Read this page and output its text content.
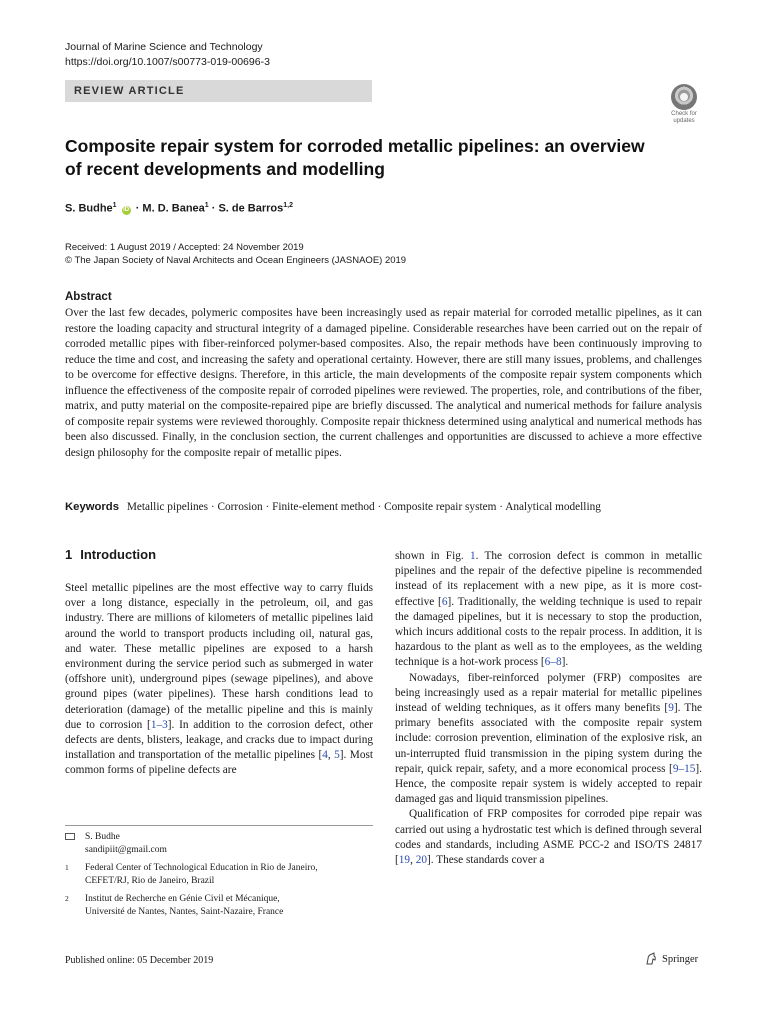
Journal of Marine Science and Technology
https://doi.org/10.1007/s00773-019-00696-3
REVIEW ARTICLE
Check for
updates
Composite repair system for corroded metallic pipelines: an overview of recent developments and modelling
S. Budhe$^1$ iD · M. D. Banea$^1$ · S. de Barros$^{1,2}$
Received: 1 August 2019 / Accepted: 24 November 2019
© The Japan Society of Naval Architects and Ocean Engineers (JASNAOE) 2019
Abstract
Over the last few decades, polymeric composites have been increasingly used as repair material for corroded metallic pipelines, as it can restore the loading capacity and structural integrity of a damaged pipeline. Considerable researches have been carried out on the repair of corroded metallic pipes with fiber-reinforced polymer-based composites. Also, the repair methods have been continuously improving to reduce the time and cost, and increasing the safety and operational certainty. However, there are still many issues, problems, and challenges to be overcome for effective designs. Therefore, in this article, the main developments of the composite repair system components which influence the effectiveness of the composite repair of corroded pipelines were reviewed. The properties, role, and contributions of the fiber, matrix, and putty material on the composite-repaired pipe are briefly discussed. The analytical and numerical methods for failure analysis of composite repair systems were reviewed thoroughly. Composite repair thickness determined using analytical and numerical methods has been also discussed. Finally, in the conclusion section, the current challenges and opportunities are discussed to achieve a more effective design philosophy for the composite repair of metallic pipes.
Keywords Metallic pipelines · Corrosion · Finite-element method · Composite repair system · Analytical modelling
1 Introduction

Steel metallic pipelines are the most effective way to carry fluids over a long distance, especially in the petroleum, oil, and gas industry. There are millions of kilometers of metallic pipelines laid around the world to transport products including oil, natural gas, and water. These metallic pipelines are exposed to a harsh environment during the service period such as submerged in water (offshore unit), underground pipes (sewage pipelines), and above ground pipes (water pipelines). These harsh conditions lead to deterioration (damage) of the metallic pipeline and this is mainly due to corrosion [1–3]. In addition to the corrosion defect, other defects are dents, blisters, leakage, and cracks due to impact during installation and transportation of the metallic pipelines [4, 5]. Most common forms of pipeline defects are

shown in Fig. 1. The corrosion defect is common in metallic pipelines and the repair of the defective pipeline is recommended instead of its replacement with a new pipe, as it is more cost-effective [6]. Traditionally, the welding technique is used to repair the damaged pipelines, but it is necessary to stop the production, which incurs additional costs to the repair process. In addition, it is hazardous to the plant as well as to the employees, as the welding technique is a hot-work process [6–8].

Nowadays, fiber-reinforced polymer (FRP) composites are being increasingly used as a repair material for metallic pipelines instead of welding techniques, as it offers many benefits [9]. The primary benefits associated with the composite repair system include: corrosion prevention, elimination of the explosive risk, an un-interrupted fluid transmission in the piping system during the repair, quick repair, safety, and a more economical process [9–15]. Hence, the composite repair system is widely accepted to repair damaged gas and liquid transmission pipelines.

Qualification of FRP composites for corroded pipe repair was carried out using a hydrostatic test which is defined through several codes and standards, including ASME PCC-2 and ISO/TS 24817 [19, 20]. These standards cover a

S. Budhe
sandipiit@gmail.com
1	Federal Center of Technological Education in Rio de Janeiro,
CEFET/RJ, Rio de Janeiro, Brazil
2	Institut de Recherche en Génie Civil et Mécanique,
Université de Nantes, Nantes, Saint-Nazaire, France
Published online: 05 December 2019	Springer
